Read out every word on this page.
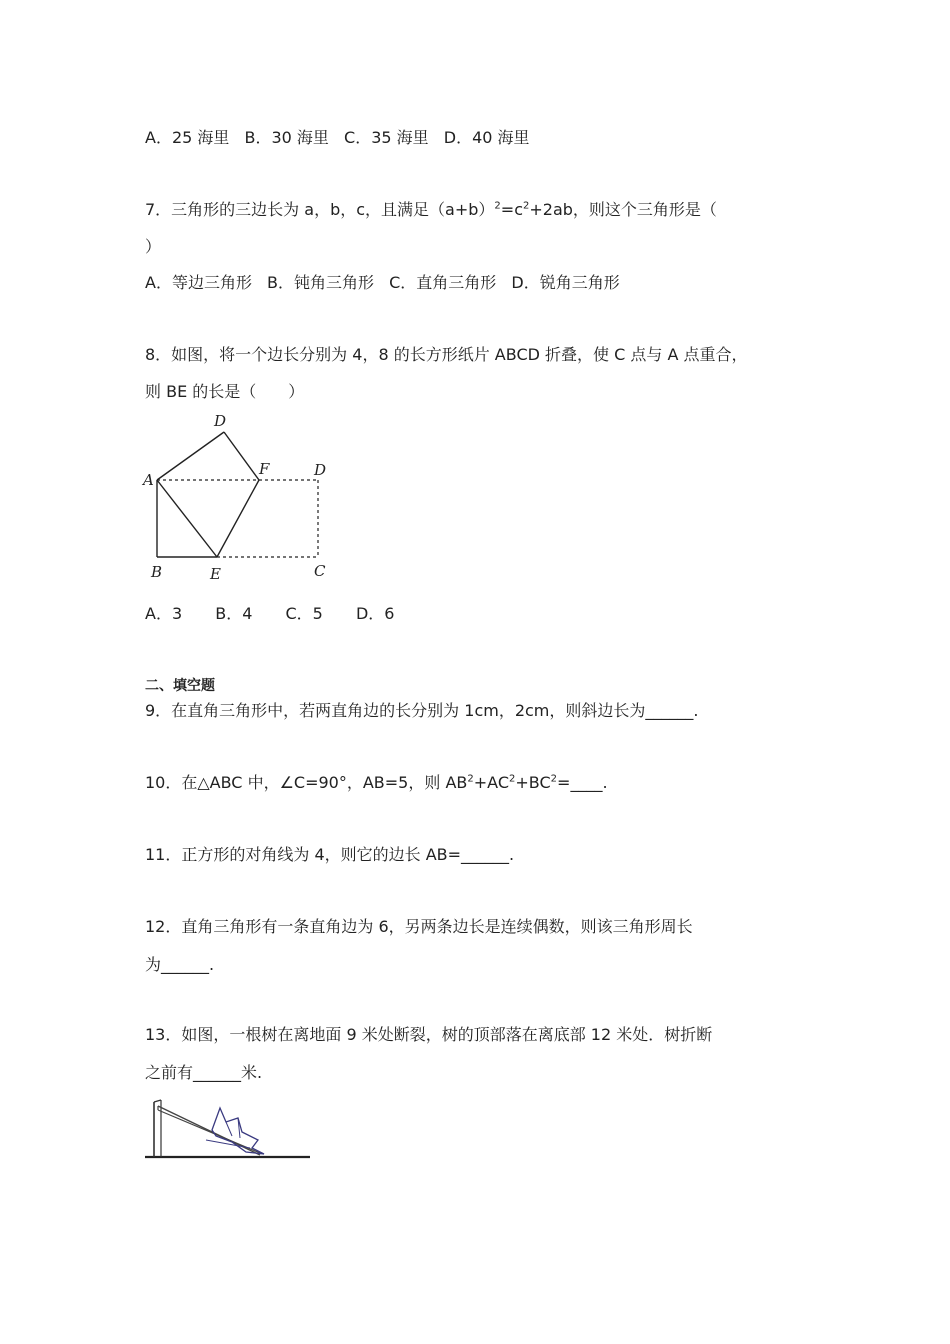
A．25 海里 B．30 海里 C．35 海里 D．40 海里
7．三角形的三边长为 a，b，c，且满足$(a+b)^2=c^2+2ab$，则这个三角形是（
）
A．等边三角形 B．钝角三角形 C．直角三角形 D．锐角三角形
8．如图，将一个边长分别为 4，8 的长方形纸片 ABCD 折叠，使 C 点与 A 点重合，
则 BE 的长是（　　）
D
A
F	D
B	E	C
A．3 B．4 C．5 D．6
二、填空题
9．在直角三角形中，若两直角边的长分别为 1cm，2cm，则斜边长为______.
10．在△ABC 中，∠C=90°，AB=5，则 $AB^2+AC^2+BC^2=\_\_\_\_$.
11．正方形的对角线为 4，则它的边长 AB=______.
12．直角三角形有一条直角边为 6，另两条边长是连续偶数，则该三角形周长
为______.
13．如图，一根树在离地面 9 米处断裂，树的顶部落在离底部 12 米处．树折断
之前有______米.
